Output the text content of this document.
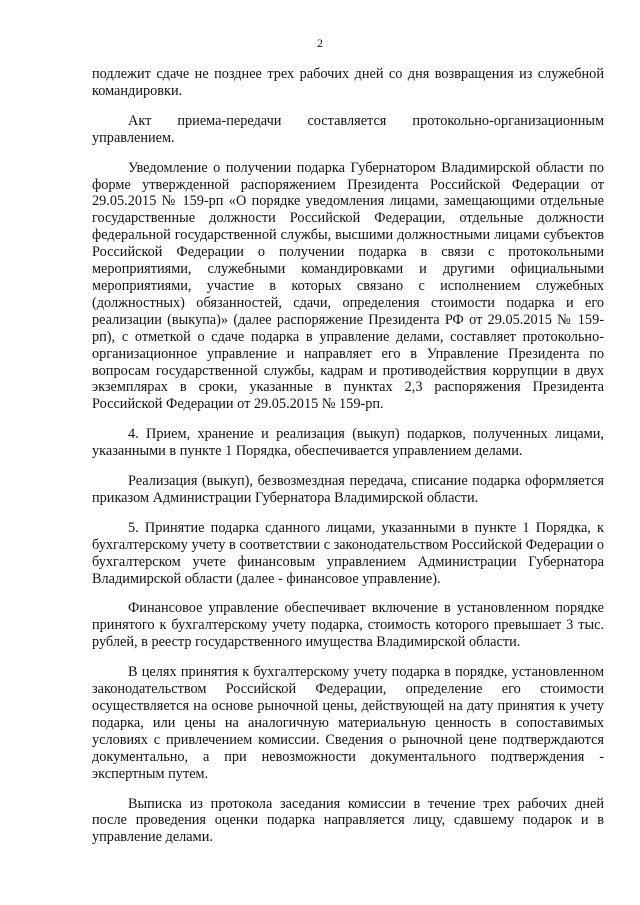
2

подлежит сдаче не позднее трех рабочих дней со дня возвращения из служебной командировки.

Акт приема-передачи составляется протокольно-организационным управлением.

Уведомление о получении подарка Губернатором Владимирской области по форме утвержденной распоряжением Президента Российской Федерации от 29.05.2015 № 159-рп «О порядке уведомления лицами, замещающими отдельные государственные должности Российской Федерации, отдельные должности федеральной государственной службы, высшими должностными лицами субъектов Российской Федерации о получении подарка в связи с протокольными мероприятиями, служебными командировками и другими официальными мероприятиями, участие в которых связано с исполнением служебных (должностных) обязанностей, сдачи, определения стоимости подарка и его реализации (выкупа)» (далее распоряжение Президента РФ от 29.05.2015 № 159-рп), с отметкой о сдаче подарка в управление делами, составляет протокольно-организационное управление и направляет его в Управление Президента по вопросам государственной службы, кадрам и противодействия коррупции в двух экземплярах в сроки, указанные в пунктах 2,3 распоряжения Президента Российской Федерации от 29.05.2015 № 159-рп.

4. Прием, хранение и реализация (выкуп) подарков, полученных лицами, указанными в пункте 1 Порядка, обеспечивается управлением делами.

Реализация (выкуп), безвозмездная передача, списание подарка оформляется приказом Администрации Губернатора Владимирской области.

5. Принятие подарка сданного лицами, указанными в пункте 1 Порядка, к бухгалтерскому учету в соответствии с законодательством Российской Федерации о бухгалтерском учете финансовым управлением Администрации Губернатора Владимирской области (далее - финансовое управление).

Финансовое управление обеспечивает включение в установленном порядке принятого к бухгалтерскому учету подарка, стоимость которого превышает 3 тыс. рублей, в реестр государственного имущества Владимирской области.

В целях принятия к бухгалтерскому учету подарка в порядке, установленном законодательством Российской Федерации, определение его стоимости осуществляется на основе рыночной цены, действующей на дату принятия к учету подарка, или цены на аналогичную материальную ценность в сопоставимых условиях с привлечением комиссии. Сведения о рыночной цене подтверждаются документально, а при невозможности документального подтверждения - экспертным путем.

Выписка из протокола заседания комиссии в течение трех рабочих дней после проведения оценки подарка направляется лицу, сдавшему подарок и в управление делами.
